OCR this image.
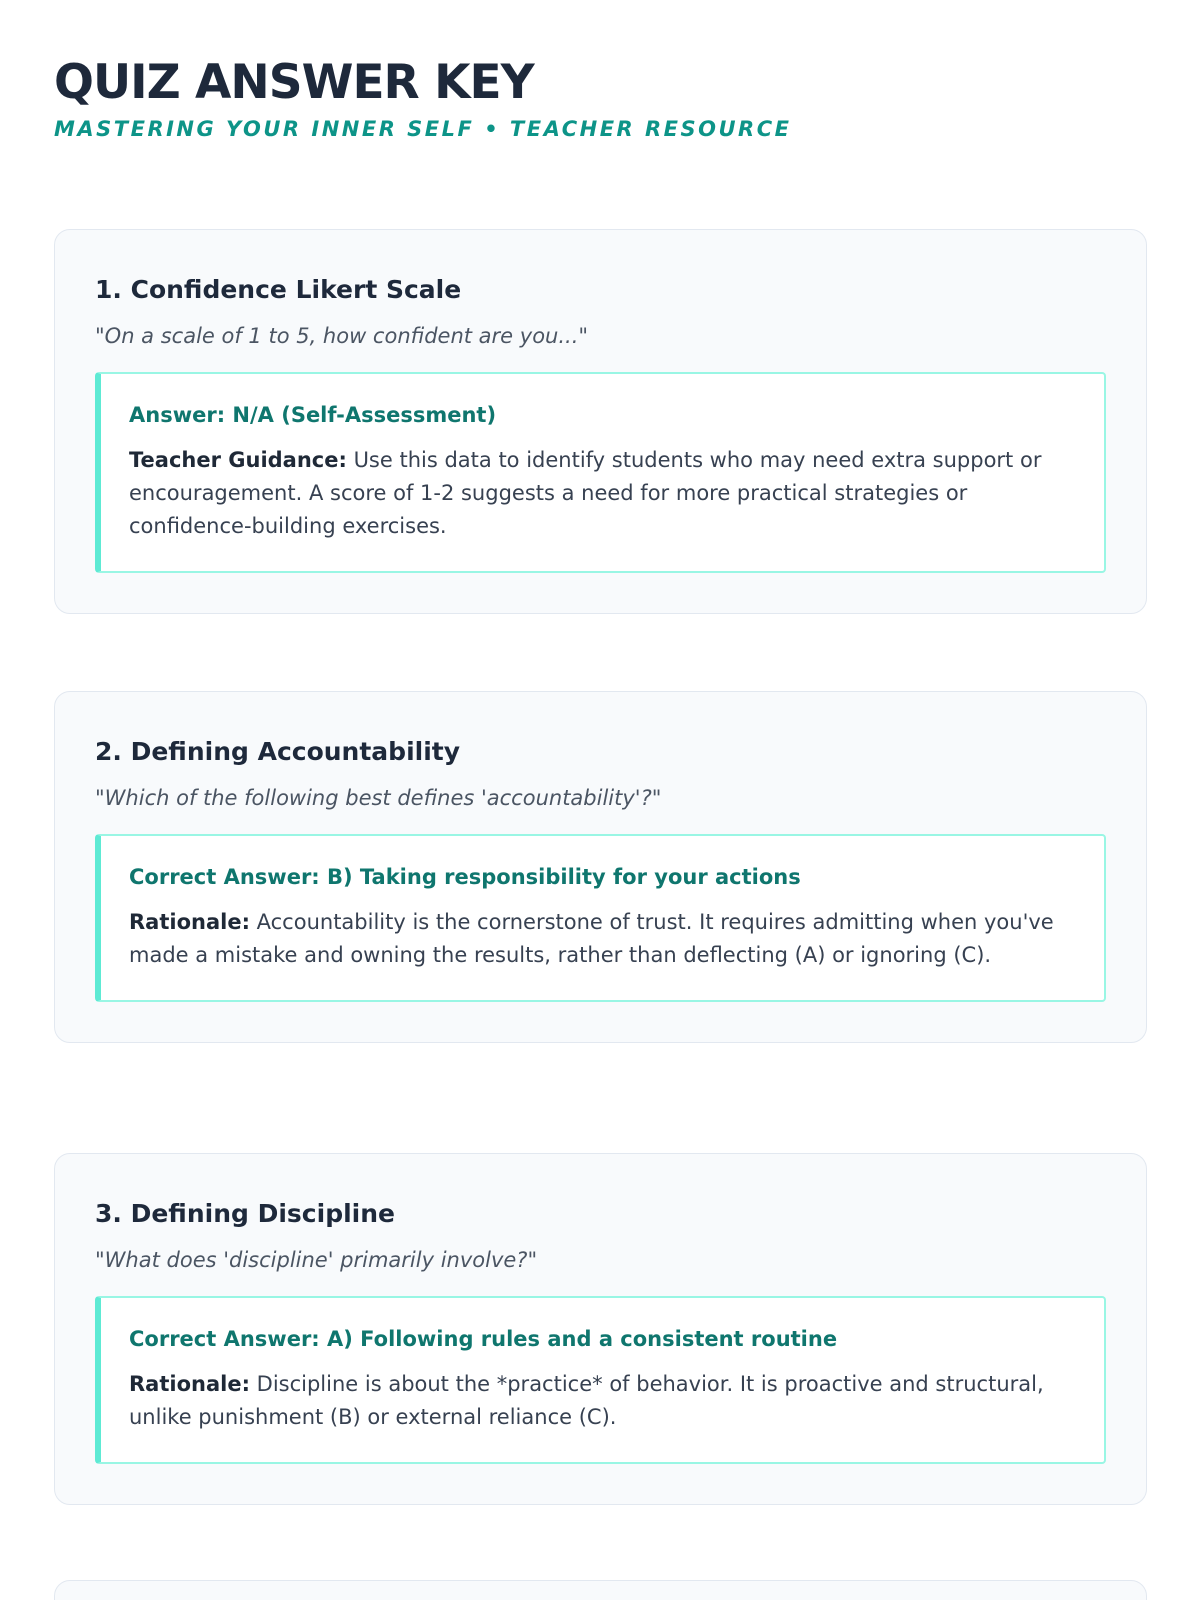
QUIZ ANSWER KEY
MASTERING YOUR INNER SELF • TEACHER RESOURCE
1. Confidence Likert Scale
"On a scale of 1 to 5, how confident are you..."
Answer: N/A (Self-Assessment)
Teacher Guidance: Use this data to identify students who may need extra support or encouragement. A score of 1-2 suggests a need for more practical strategies or confidence-building exercises.
2. Defining Accountability
"Which of the following best defines 'accountability'?"
Correct Answer: B) Taking responsibility for your actions
Rationale: Accountability is the cornerstone of trust. It requires admitting when you've made a mistake and owning the results, rather than deflecting (A) or ignoring (C).
3. Defining Discipline
"What does 'discipline' primarily involve?"
Correct Answer: A) Following rules and a consistent routine
Rationale: Discipline is about the *practice* of behavior. It is proactive and structural, unlike punishment (B) or external reliance (C).
